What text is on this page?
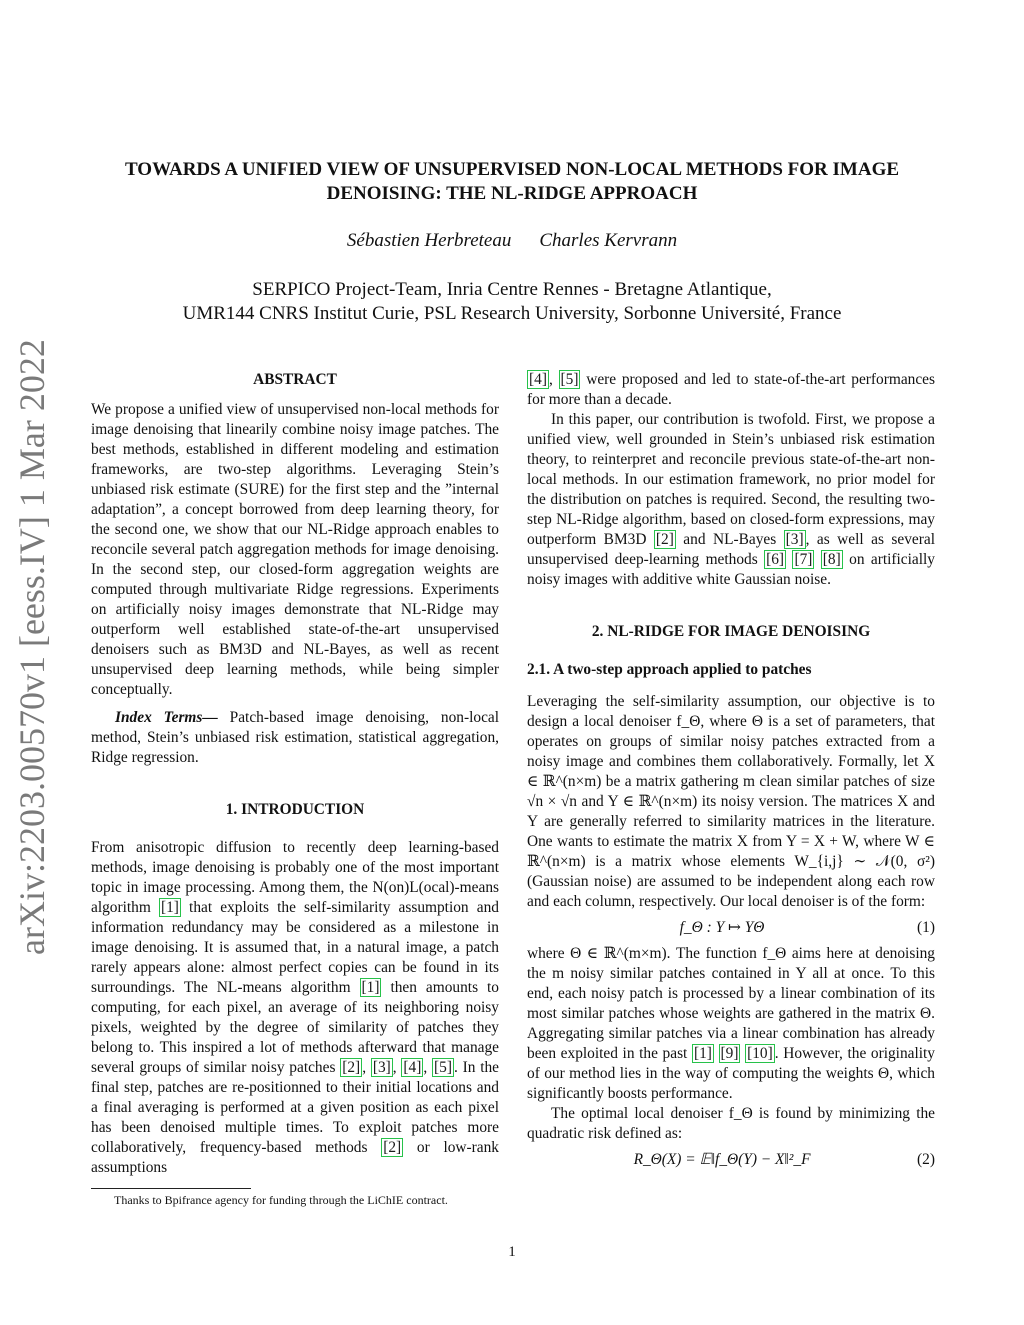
TOWARDS A UNIFIED VIEW OF UNSUPERVISED NON-LOCAL METHODS FOR IMAGE
DENOISING: THE NL-RIDGE APPROACH
Sébastien Herbreteau Charles Kervrann
SERPICO Project-Team, Inria Centre Rennes - Bretagne Atlantique,
UMR144 CNRS Institut Curie, PSL Research University, Sorbonne Université, France
arXiv:2203.00570v1 [eess.IV] 1 Mar 2022	ABSTRACT

We propose a unified view of unsupervised non-local methods for image denoising that linearily combine noisy image patches. The best methods, established in different modeling and estimation frameworks, are two-step algorithms. Leveraging Stein’s unbiased risk estimate (SURE) for the first step and the ”internal adaptation”, a concept borrowed from deep learning theory, for the second one, we show that our NL-Ridge approach enables to reconcile several patch aggregation methods for image denoising. In the second step, our closed-form aggregation weights are computed through multivariate Ridge regressions. Experiments on artificially noisy images demonstrate that NL-Ridge may outperform well established state-of-the-art unsupervised denoisers such as BM3D and NL-Bayes, as well as recent unsupervised deep learning methods, while being simpler conceptually.

Index Terms— Patch-based image denoising, non-local method, Stein’s unbiased risk estimation, statistical aggregation, Ridge regression.

1. INTRODUCTION

From anisotropic diffusion to recently deep learning-based methods, image denoising is probably one of the most important topic in image processing. Among them, the N(on)L(ocal)-means algorithm [1] that exploits the self-similarity assumption and information redundancy may be considered as a milestone in image denoising. It is assumed that, in a natural image, a patch rarely appears alone: almost perfect copies can be found in its surroundings. The NL-means algorithm [1] then amounts to computing, for each pixel, an average of its neighboring noisy pixels, weighted by the degree of similarity of patches they belong to. This inspired a lot of methods afterward that manage several groups of similar noisy patches [2] , [3] , [4] , [5] . In the final step, patches are re-positionned to their initial locations and a final averaging is performed at a given position as each pixel has been denoised multiple times. To exploit patches more collaboratively, frequency-based methods [2] or low-rank assumptions

[4] , [5] were proposed and led to state-of-the-art performances for more than a decade.

In this paper, our contribution is twofold. First, we propose a unified view, well grounded in Stein’s unbiased risk estimation theory, to reinterpret and reconcile previous state-of-the-art non-local methods. In our estimation framework, no prior model for the distribution on patches is required. Second, the resulting two-step NL-Ridge algorithm, based on closed-form expressions, may outperform BM3D [2] and NL-Bayes [3] , as well as several unsupervised deep-learning methods [6] [7] [8] on artificially noisy images with additive white Gaussian noise.

2. NL-RIDGE FOR IMAGE DENOISING

2.1. A two-step approach applied to patches

Leveraging the self-similarity assumption, our objective is to design a local denoiser f_Θ, where Θ is a set of parameters, that operates on groups of similar noisy patches extracted from a noisy image and combines them collaboratively. Formally, let X ∈ ℝ^(n×m) be a matrix gathering m clean similar patches of size √n × √n and Y ∈ ℝ^(n×m) its noisy version. The matrices X and Y are generally referred to similarity matrices in the literature. One wants to estimate the matrix X from Y = X + W, where W ∈ ℝ^(n×m) is a matrix whose elements W_{i,j} ∼ 𝒩(0, σ²) (Gaussian noise) are assumed to be independent along each row and each column, respectively. Our local denoiser is of the form:

f_Θ : Y ↦ YΘ	(1)

where Θ ∈ ℝ^(m×m). The function f_Θ aims here at denoising the m noisy similar patches contained in Y all at once. To this end, each noisy patch is processed by a linear combination of its most similar patches whose weights are gathered in the matrix Θ. Aggregating similar patches via a linear combination has already been exploited in the past [1] [9] [10] . However, the originality of our method lies in the way of computing the weights Θ, which significantly boosts performance.

The optimal local denoiser f_Θ is found by minimizing the quadratic risk defined as:

R_Θ(X) = 𝔼‖f_Θ(Y) − X‖²_F	(2)

Thanks to Bpifrance agency for funding through the LiChIE contract.

1
